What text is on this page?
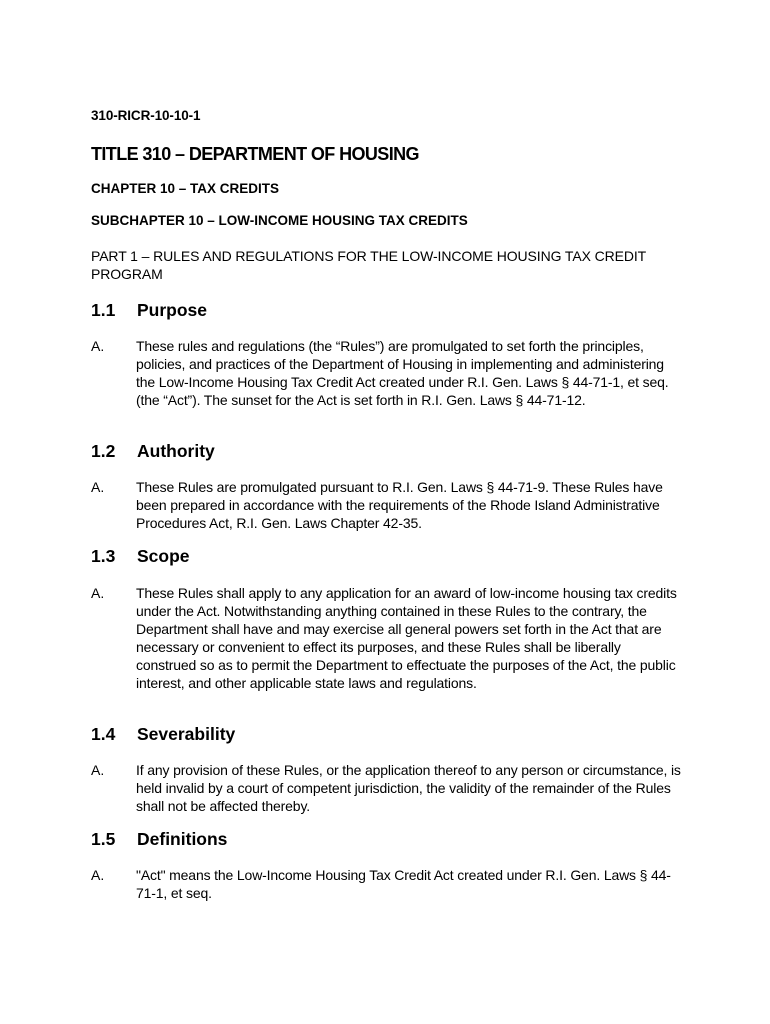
310-RICR-10-10-1
TITLE 310 – DEPARTMENT OF HOUSING
CHAPTER 10 – TAX CREDITS
SUBCHAPTER 10 – LOW-INCOME HOUSING TAX CREDITS
PART 1 – RULES AND REGULATIONS FOR THE LOW-INCOME HOUSING TAX CREDIT PROGRAM
1.1 Purpose
A. These rules and regulations (the “Rules”) are promulgated to set forth the principles, policies, and practices of the Department of Housing in implementing and administering the Low-Income Housing Tax Credit Act created under R.I. Gen. Laws § 44-71-1, et seq. (the “Act”). The sunset for the Act is set forth in R.I. Gen. Laws § 44-71-12.
1.2 Authority
A. These Rules are promulgated pursuant to R.I. Gen. Laws § 44-71-9. These Rules have been prepared in accordance with the requirements of the Rhode Island Administrative Procedures Act, R.I. Gen. Laws Chapter 42-35.
1.3 Scope
A. These Rules shall apply to any application for an award of low-income housing tax credits under the Act. Notwithstanding anything contained in these Rules to the contrary, the Department shall have and may exercise all general powers set forth in the Act that are necessary or convenient to effect its purposes, and these Rules shall be liberally construed so as to permit the Department to effectuate the purposes of the Act, the public interest, and other applicable state laws and regulations.
1.4 Severability
A. If any provision of these Rules, or the application thereof to any person or circumstance, is held invalid by a court of competent jurisdiction, the validity of the remainder of the Rules shall not be affected thereby.
1.5 Definitions
A. "Act" means the Low-Income Housing Tax Credit Act created under R.I. Gen. Laws § 44-71-1, et seq.
